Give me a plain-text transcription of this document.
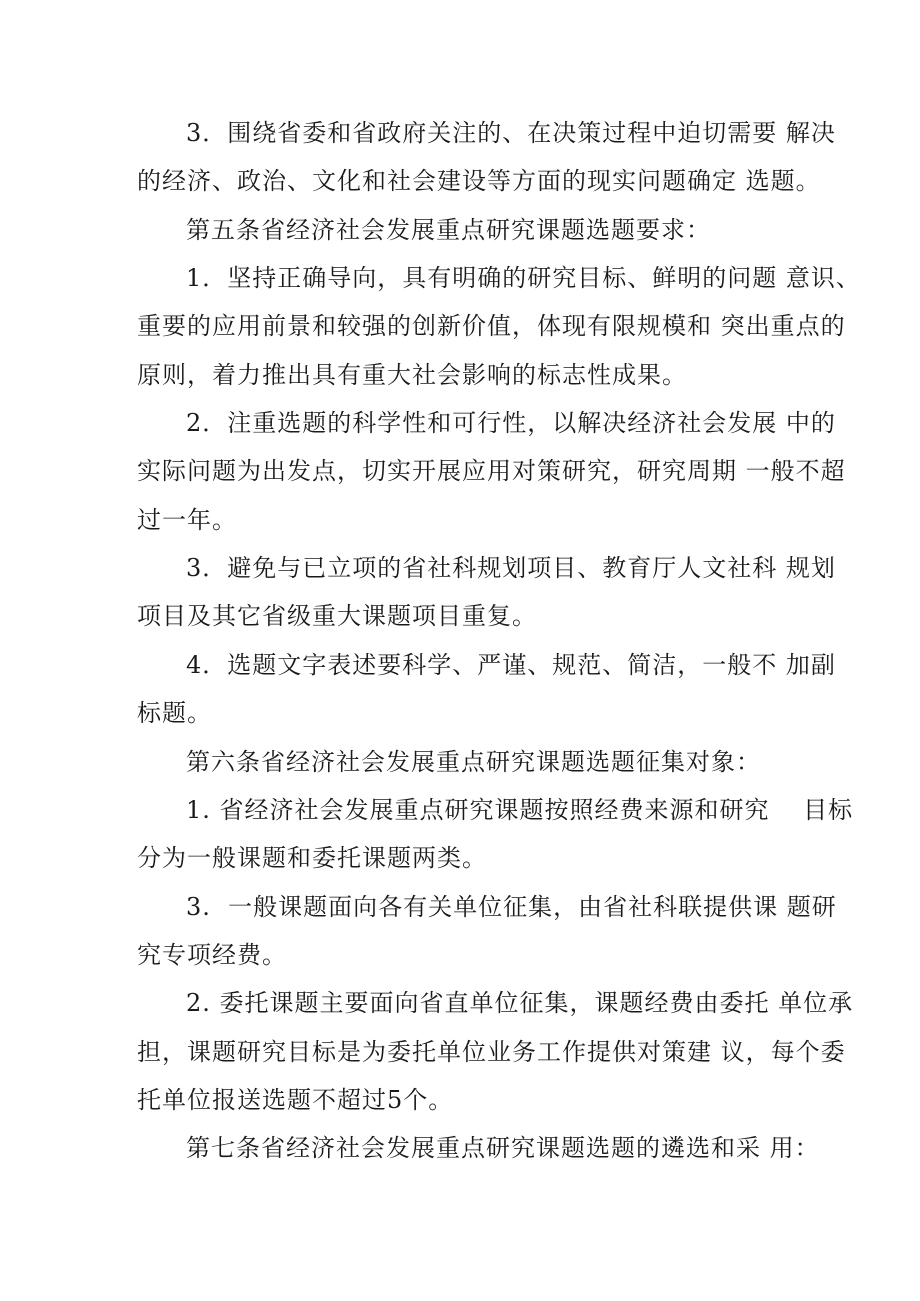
3．围绕省委和省政府关注的、在决策过程中迫切需要 解决
的经济、政治、文化和社会建设等方面的现实问题确定 选题。
第五条省经济社会发展重点研究课题选题要求：
1．坚持正确导向，具有明确的研究目标、鲜明的问题 意识、
重要的应用前景和较强的创新价值，体现有限规模和 突出重点的
原则，着力推出具有重大社会影响的标志性成果。
2．注重选题的科学性和可行性，以解决经济社会发展 中的
实际问题为出发点，切实开展应用对策研究，研究周期 一般不超
过一年。
3．避免与已立项的省社科规划项目、教育厅人文社科 规划
项目及其它省级重大课题项目重复。
4．选题文字表述要科学、严谨、规范、简洁，一般不 加副
标题。
第六条省经济社会发展重点研究课题选题征集对象：
1. 省经济社会发展重点研究课题按照经费来源和研究　 目标
分为一般课题和委托课题两类。
3.  一般课题面向各有关单位征集，由省社科联提供课 题研
究专项经费。
2. 委托课题主要面向省直单位征集，课题经费由委托 单位承
担，课题研究目标是为委托单位业务工作提供对策建 议，每个委
托单位报送选题不超过5个。
第七条省经济社会发展重点研究课题选题的遴选和采 用：
